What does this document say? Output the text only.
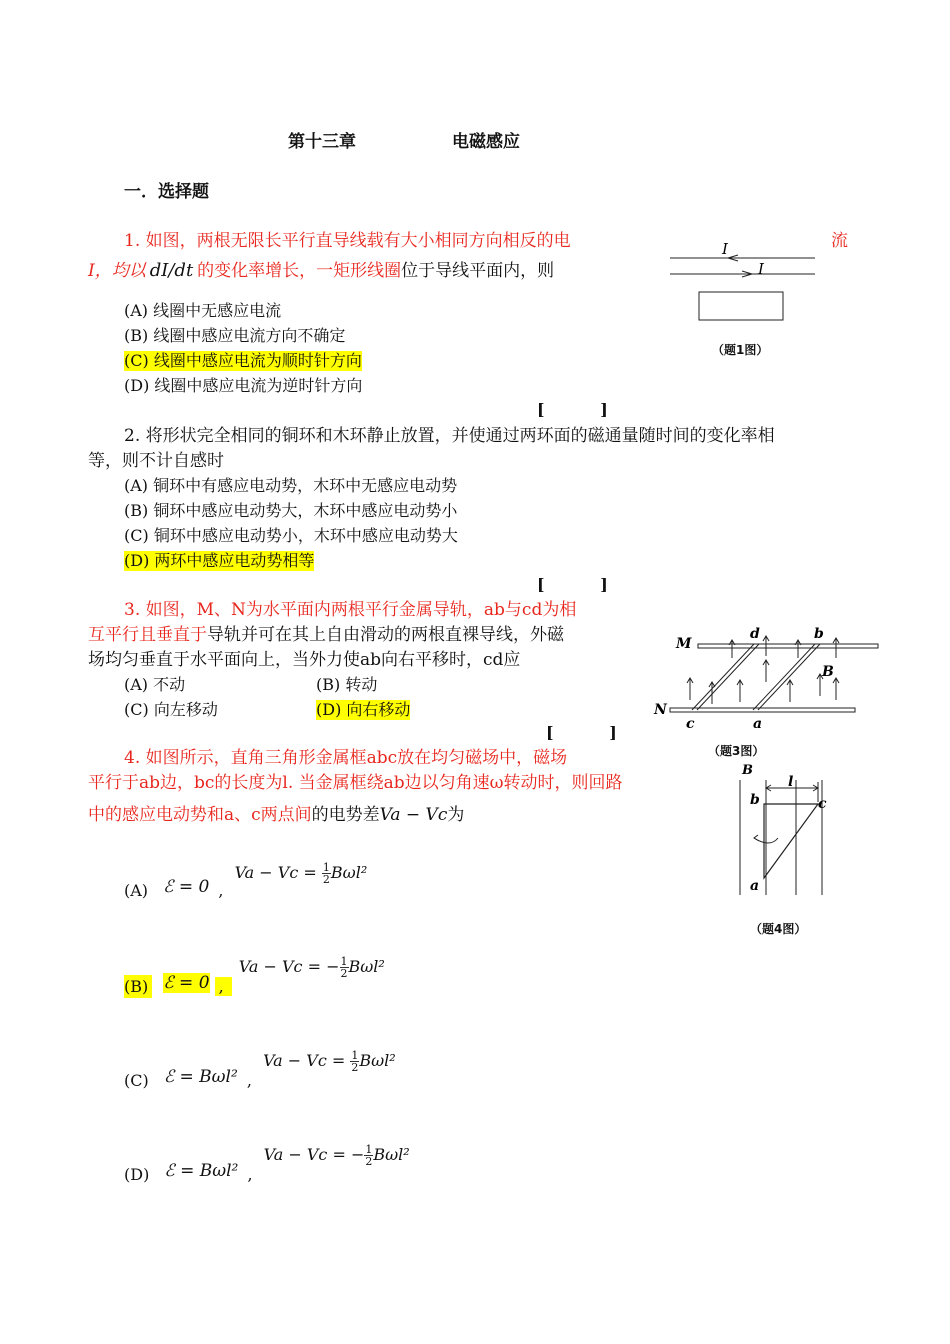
第十三章	电磁感应
一．选择题
1. 如图，两根无限长平行直导线载有大小相同方向相反的电	流
I，均以 dI/dt 的变化率增长，一矩形线圈位于导线平面内，则
(A) 线圈中无感应电流
(B) 线圈中感应电流方向不确定
(C) 线圈中感应电流为顺时针方向
(D) 线圈中感应电流为逆时针方向
[          ]
I
I
（题1图）
2. 将形状完全相同的铜环和木环静止放置，并使通过两环面的磁通量随时间的变化率相
等，则不计自感时
(A) 铜环中有感应电动势，木环中无感应电动势
(B) 铜环中感应电动势大，木环中感应电动势小
(C) 铜环中感应电动势小，木环中感应电动势大
(D) 两环中感应电动势相等
[          ]
3. 如图，M、N为水平面内两根平行金属导轨，ab与cd为相
互平行且垂直于导轨并可在其上自由滑动的两根直裸导线，外磁
场均匀垂直于水平面向上，当外力使ab向右平移时，cd应
(A) 不动	(B) 转动
(C) 向左移动	(D) 向右移动
[          ]
M
N
d	b
c	a
B
（题3图）
4. 如图所示，直角三角形金属框abc放在均匀磁场中，磁场
平行于ab边，bc的长度为l. 当金属框绕ab边以匀角速ω转动时，则回路
中的感应电动势和a、c两点间的电势差Va − Vc为
B
b
l
c
a
（题4图）
(A) ℰ = 0 , $Va - Vc = \frac{1}{2} B\omega l^2$
(B) ℰ = 0 , Va − Vc = − $\frac{1}{2} B\omega l^2$
(C) ℰ = Bωl² , $Va - Vc = \frac{1}{2} B\omega l^2$
(D) ℰ = Bωl² , Va − Vc = − $\frac{1}{2} B\omega l^2$
